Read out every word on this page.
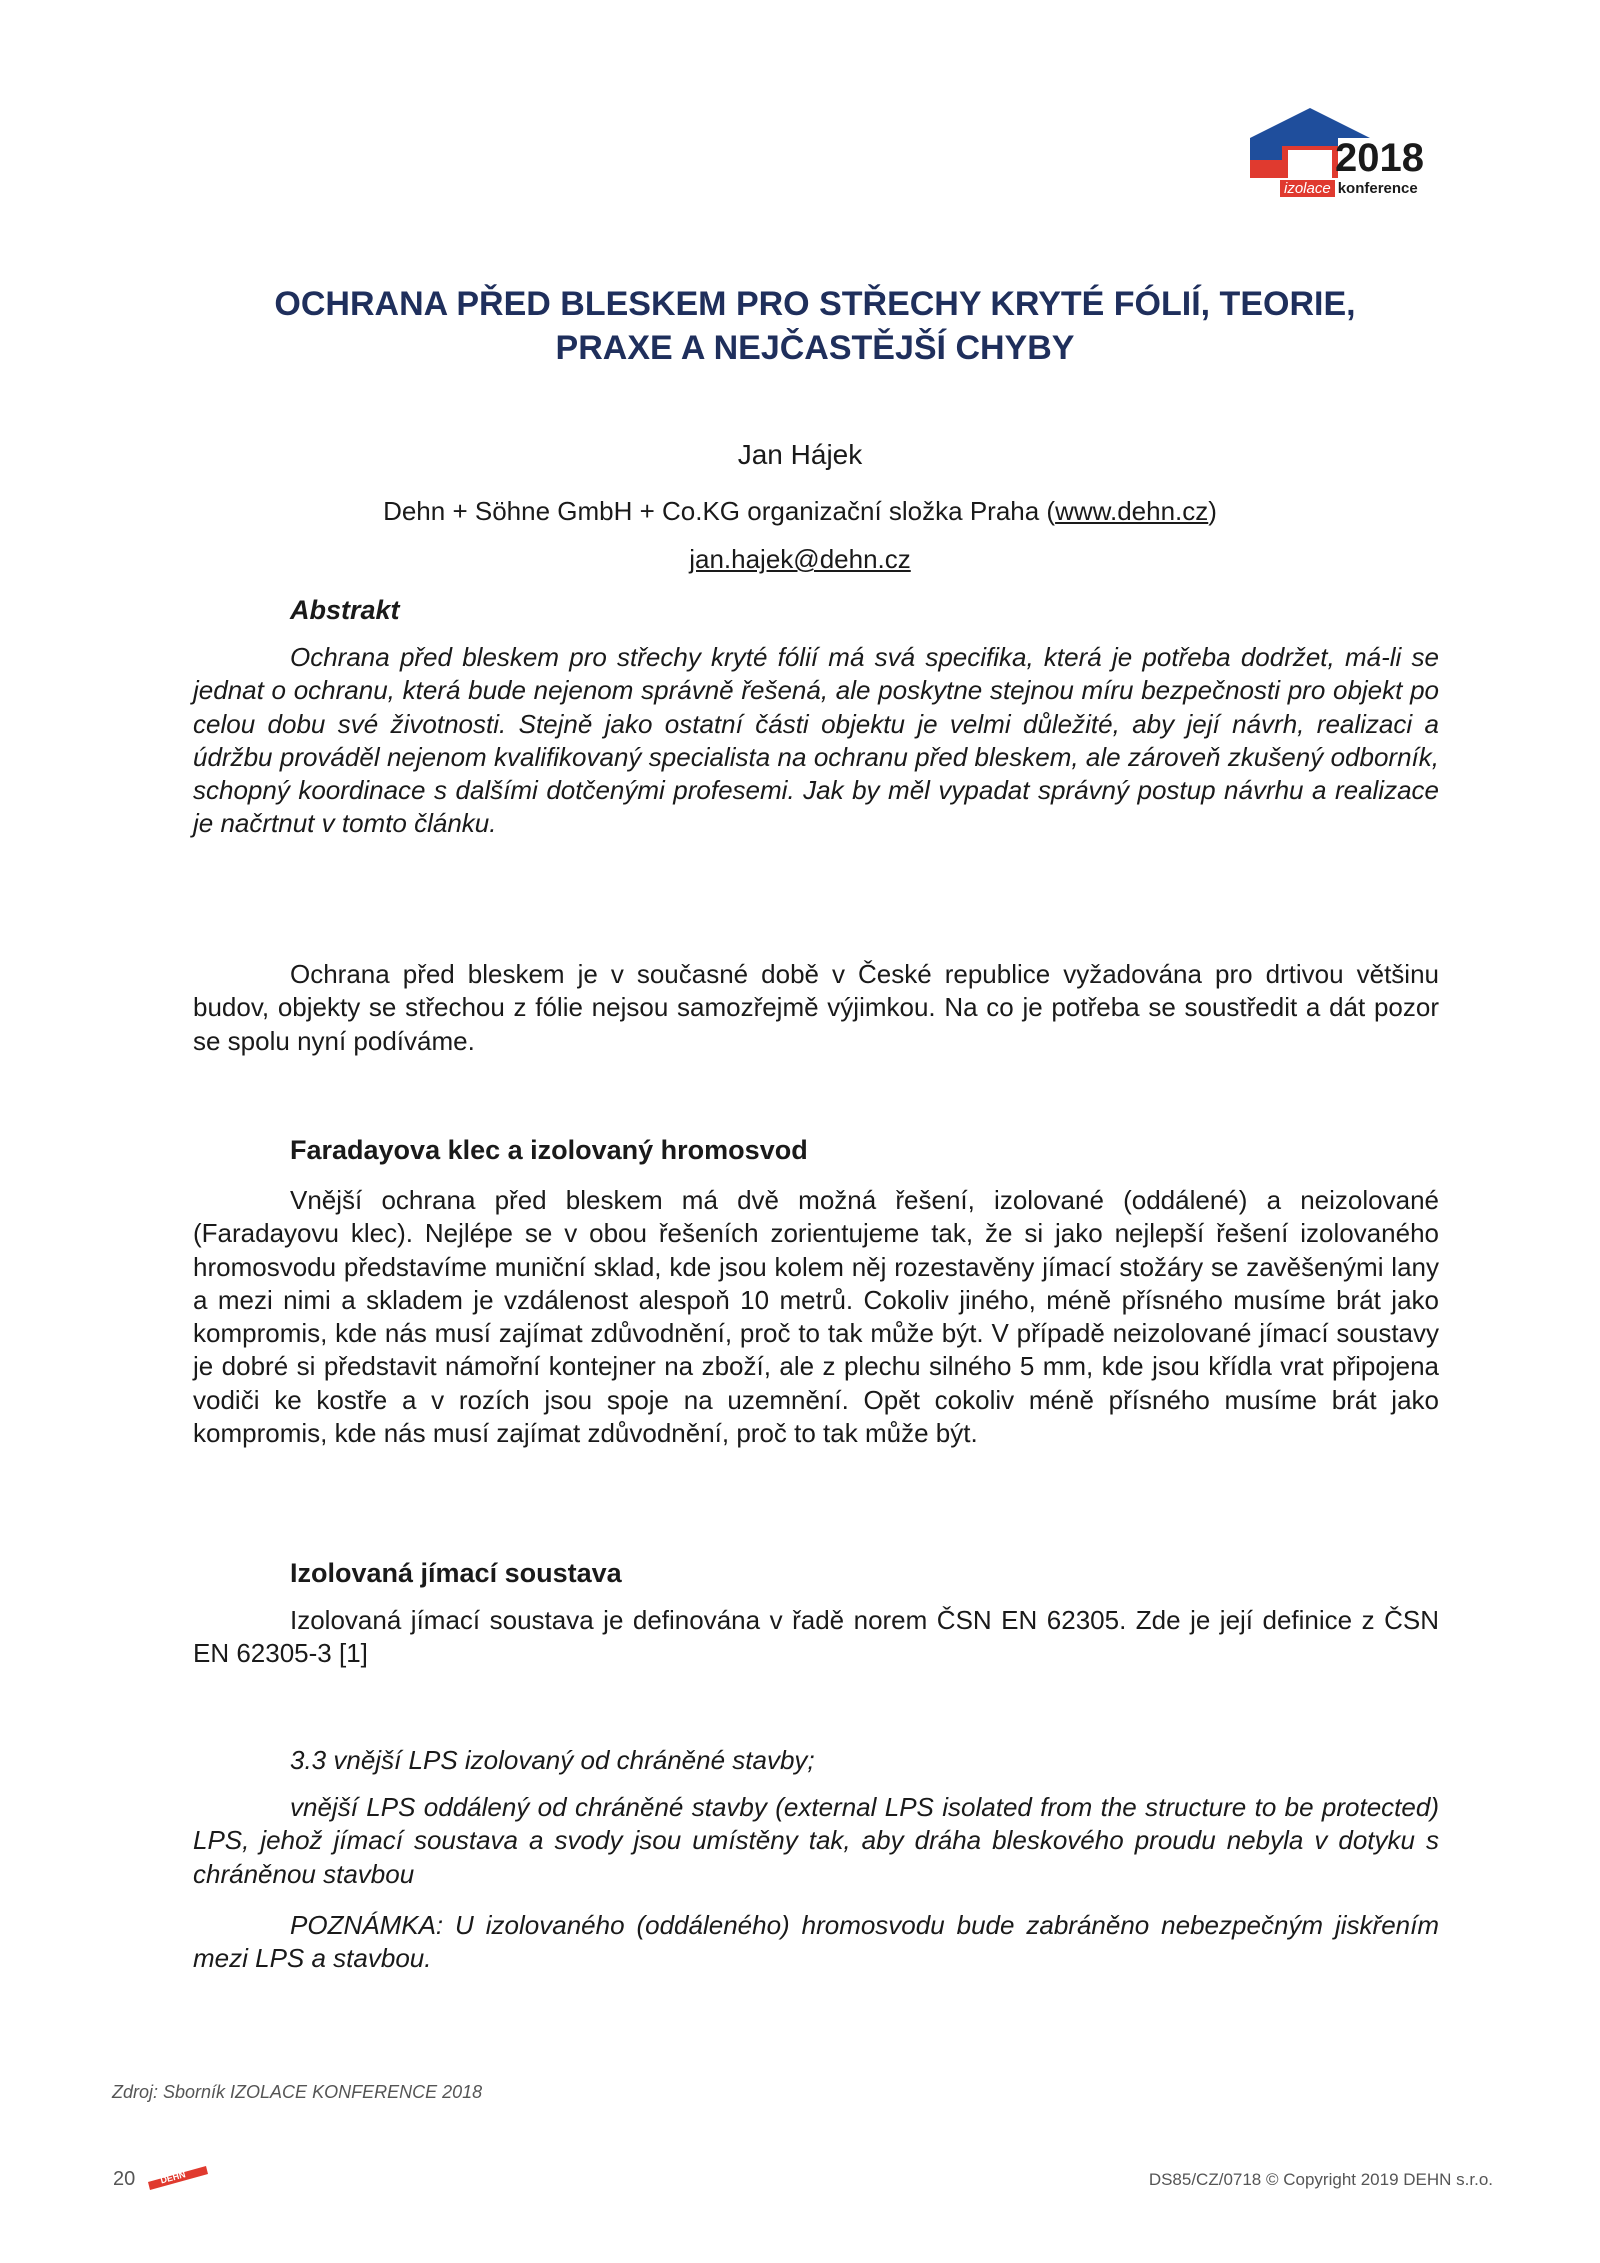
2018
izolace konference
OCHRANA PŘED BLESKEM PRO STŘECHY KRYTÉ FÓLIÍ, TEORIE,
PRAXE A NEJČASTĚJŠÍ CHYBY
Jan Hájek
Dehn + Söhne GmbH + Co.KG organizační složka Praha (www.dehn.cz)
jan.hajek@dehn.cz
Abstrakt

Ochrana před bleskem pro střechy kryté fólií má svá specifika, která je potřeba dodržet, má-li se jednat o ochranu, která bude nejenom správně řešená, ale poskytne stejnou míru bezpečnosti pro objekt po celou dobu své životnosti. Stejně jako ostatní části objektu je velmi důležité, aby její návrh, realizaci a údržbu prováděl nejenom kvalifikovaný specialista na ochranu před bleskem, ale zároveň zkušený odborník, schopný koordinace s dalšími dotčenými profesemi. Jak by měl vypadat správný postup návrhu a realizace je načrtnut v tomto článku.

Ochrana před bleskem je v současné době v České republice vyžadována pro drtivou většinu budov, objekty se střechou z fólie nejsou samozřejmě výjimkou. Na co je potřeba se soustředit a dát pozor se spolu nyní podíváme.

Faradayova klec a izolovaný hromosvod

Vnější ochrana před bleskem má dvě možná řešení, izolované (oddálené) a neizolované (Faradayovu klec). Nejlépe se v obou řešeních zorientujeme tak, že si jako nejlepší řešení izolovaného hromosvodu představíme muniční sklad, kde jsou kolem něj rozestavěny jímací stožáry se zavěšenými lany a mezi nimi a skladem je vzdálenost alespoň 10 metrů. Cokoliv jiného, méně přísného musíme brát jako kompromis, kde nás musí zajímat zdůvodnění, proč to tak může být. V případě neizolované jímací soustavy je dobré si představit námořní kontejner na zboží, ale z plechu silného 5 mm, kde jsou křídla vrat připojena vodiči ke kostře a v rozích jsou spoje na uzemnění. Opět cokoliv méně přísného musíme brát jako kompromis, kde nás musí zajímat zdůvodnění, proč to tak může být.

Izolovaná jímací soustava

Izolovaná jímací soustava je definována v řadě norem ČSN EN 62305. Zde je její definice z ČSN EN 62305-3 [1]

3.3 vnější LPS izolovaný od chráněné stavby;

vnější LPS oddálený od chráněné stavby (external LPS isolated from the structure to be protected) LPS, jehož jímací soustava a svody jsou umístěny tak, aby dráha bleskového proudu nebyla v dotyku s chráněnou stavbou

POZNÁMKA: U izolovaného (oddáleného) hromosvodu bude zabráněno nebezpečným jiskřením mezi LPS a stavbou.

Zdroj: Sborník IZOLACE KONFERENCE 2018

20	DEHN	DS85/CZ/0718 © Copyright 2019 DEHN s.r.o.
